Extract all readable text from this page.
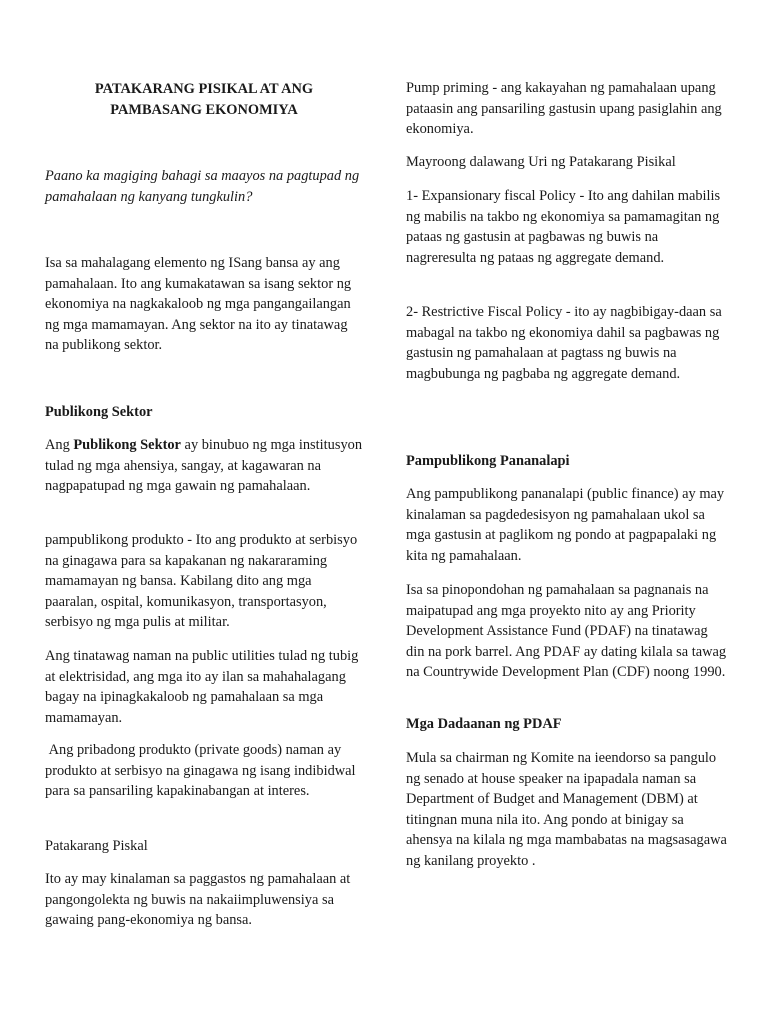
PATAKARANG PISIKAL AT ANG
PAMBASANG EKONOMIYA

Paano ka magiging bahagi sa maayos na pagtupad ng pamahalaan ng kanyang tungkulin?

Isa sa mahalagang elemento ng ISang bansa ay ang pamahalaan. Ito ang kumakatawan sa isang sektor ng ekonomiya na nagkakaloob ng mga pangangailangan ng mga mamamayan. Ang sektor na ito ay tinatawag na publikong sektor.

Publikong Sektor

Ang Publikong Sektor ay binubuo ng mga institusyon tulad ng mga ahensiya, sangay, at kagawaran na nagpapatupad ng mga gawain ng pamahalaan.

pampublikong produkto - Ito ang produkto at serbisyo na ginagawa para sa kapakanan ng nakararaming mamamayan ng bansa. Kabilang dito ang mga paaralan, ospital, komunikasyon, transportasyon, serbisyo ng mga pulis at militar.

Ang tinatawag naman na public utilities tulad ng tubig at elektrisidad, ang mga ito ay ilan sa mahahalagang bagay na ipinagkakaloob ng pamahalaan sa mga mamamayan.

Ang pribadong produkto (private goods) naman ay produkto at serbisyo na ginagawa ng isang indibidwal para sa pansariling kapakinabangan at interes.

Patakarang Piskal

Ito ay may kinalaman sa paggastos ng pamahalaan at pangongolekta ng buwis na nakaiimpluwensiya sa gawaing pang-ekonomiya ng bansa.

Pump priming - ang kakayahan ng pamahalaan upang pataasin ang pansariling gastusin upang pasiglahin ang ekonomiya.

Mayroong dalawang Uri ng Patakarang Pisikal

1- Expansionary fiscal Policy - Ito ang dahilan mabilis ng mabilis na takbo ng ekonomiya sa pamamagitan ng pataas ng gastusin at pagbawas ng buwis na nagreresulta ng pataas ng aggregate demand.

2- Restrictive Fiscal Policy - ito ay nagbibigay-daan sa mabagal na takbo ng ekonomiya dahil sa pagbawas ng gastusin ng pamahalaan at pagtass ng buwis na magbubunga ng pagbaba ng aggregate demand.

Pampublikong Pananalapi

Ang pampublikong pananalapi (public finance) ay may kinalaman sa pagdedesisyon ng pamahalaan ukol sa mga gastusin at paglikom ng pondo at pagpapalaki ng kita ng pamahalaan.

Isa sa pinopondohan ng pamahalaan sa pagnanais na maipatupad ang mga proyekto nito ay ang Priority Development Assistance Fund (PDAF) na tinatawag din na pork barrel. Ang PDAF ay dating kilala sa tawag na Countrywide Development Plan (CDF) noong 1990.

Mga Dadaanan ng PDAF

Mula sa chairman ng Komite na ieendorso sa pangulo ng senado at house speaker na ipapadala naman sa Department of Budget and Management (DBM) at titingnan muna nila ito. Ang pondo at binigay sa ahensya na kilala ng mga mambabatas na magsasagawa ng kanilang proyekto .
